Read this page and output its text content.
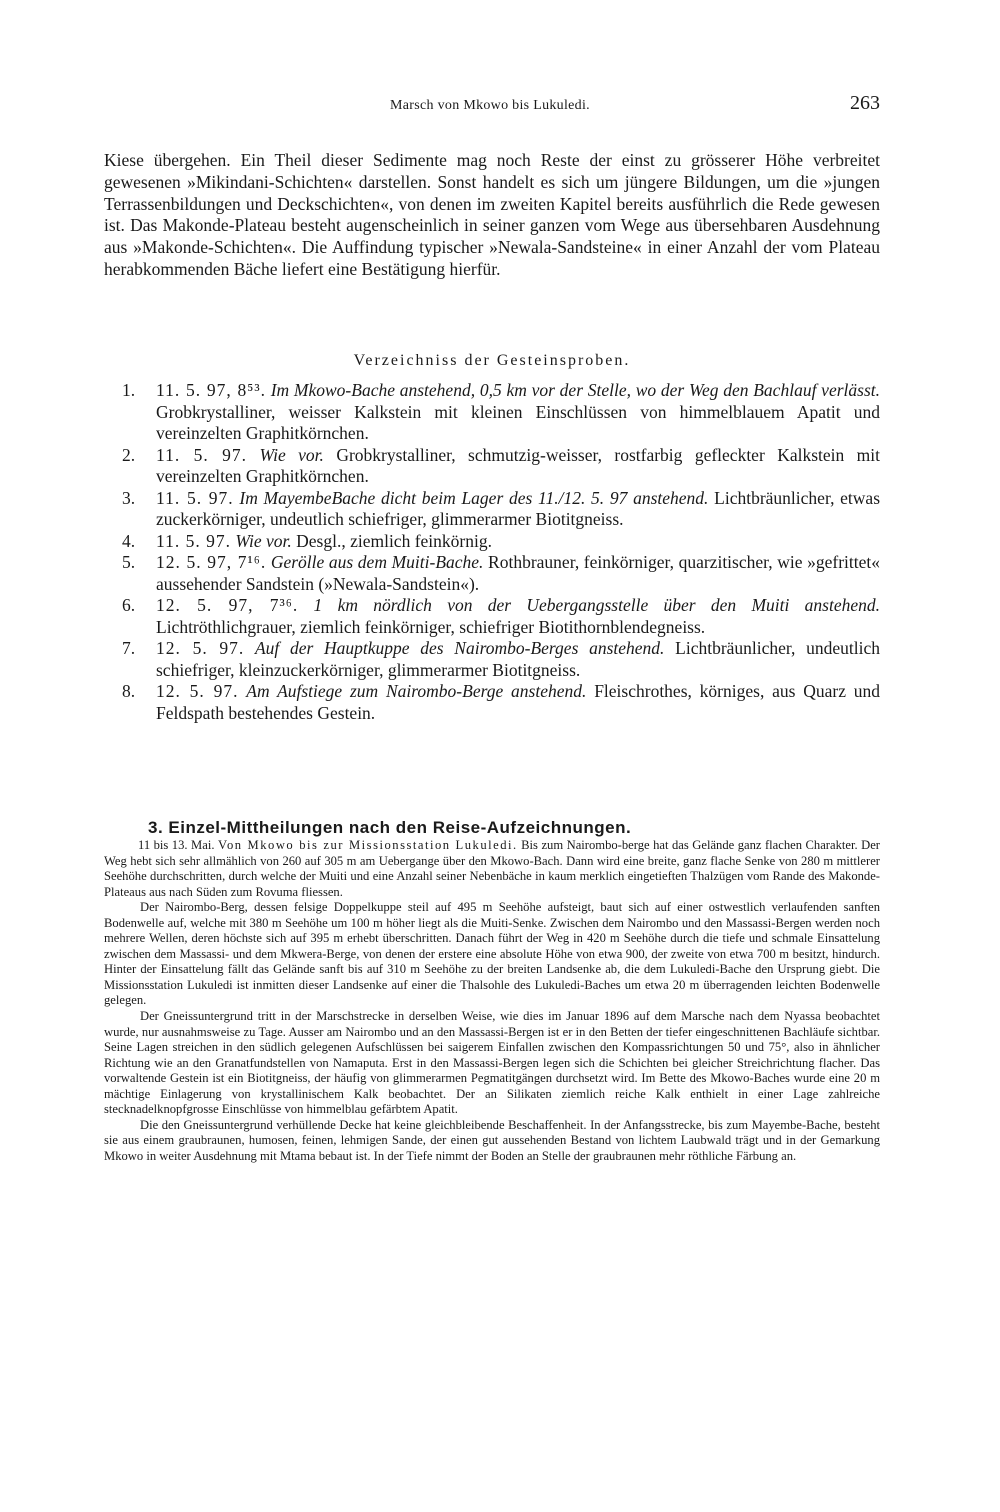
Marsch von Mkowo bis Lukuledi.	263

Kiese übergehen. Ein Theil dieser Sedimente mag noch Reste der einst zu grösserer Höhe verbreitet gewesenen »Mikindani-Schichten« darstellen. Sonst handelt es sich um jüngere Bildungen, um die »jungen Terrassenbildungen und Deckschichten«, von denen im zweiten Kapitel bereits ausführlich die Rede gewesen ist. Das Makonde-Plateau besteht augenscheinlich in seiner ganzen vom Wege aus übersehbaren Ausdehnung aus »Makonde-Schichten«. Die Auffindung typischer »Newala-Sandsteine« in einer Anzahl der vom Plateau herabkommenden Bäche liefert eine Bestätigung hierfür.

Verzeichniss der Gesteinsproben.
1. 11. 5. 97, 8⁵³. Im Mkowo-Bache anstehend, 0,5 km vor der Stelle, wo der Weg den Bachlauf verlässt. Grobkrystalliner, weisser Kalkstein mit kleinen Einschlüssen von himmelblauem Apatit und vereinzelten Graphitkörnchen.
2. 11. 5. 97. Wie vor. Grobkrystalliner, schmutzig-weisser, rostfarbig gefleckter Kalkstein mit vereinzelten Graphitkörnchen.
3. 11. 5. 97. Im MayembeBache dicht beim Lager des 11./12. 5. 97 anstehend. Lichtbräunlicher, etwas zuckerkörniger, undeutlich schiefriger, glimmerarmer Biotitgneiss.
4. 11. 5. 97. Wie vor. Desgl., ziemlich feinkörnig.
5. 12. 5. 97, 7¹⁶. Gerölle aus dem Muiti-Bache. Rothbrauner, feinkörniger, quarzitischer, wie »gefrittet« aussehender Sandstein (»Newala-Sandstein«).
6. 12. 5. 97, 7³⁶. 1 km nördlich von der Uebergangsstelle über den Muiti anstehend. Lichtröthlichgrauer, ziemlich feinkörniger, schiefriger Biotithornblendegneiss.
7. 12. 5. 97. Auf der Hauptkuppe des Nairombo-Berges anstehend. Lichtbräunlicher, undeutlich schiefriger, kleinzuckerkörniger, glimmerarmer Biotitgneiss.
8. 12. 5. 97. Am Aufstiege zum Nairombo-Berge anstehend. Fleischrothes, körniges, aus Quarz und Feldspath bestehendes Gestein.
3. Einzel-Mittheilungen nach den Reise-Aufzeichnungen.

11 bis 13. Mai. Von Mkowo bis zur Missionsstation Lukuledi. Bis zum Nairombo-berge hat das Gelände ganz flachen Charakter. Der Weg hebt sich sehr allmählich von 260 auf 305 m am Uebergange über den Mkowo-Bach. Dann wird eine breite, ganz flache Senke von 280 m mittlerer Seehöhe durchschritten, durch welche der Muiti und eine Anzahl seiner Nebenbäche in kaum merklich eingetieften Thalzügen vom Rande des Makonde-Plateaus aus nach Süden zum Rovuma fliessen.

Der Nairombo-Berg, dessen felsige Doppelkuppe steil auf 495 m Seehöhe aufsteigt, baut sich auf einer ostwestlich verlaufenden sanften Bodenwelle auf, welche mit 380 m Seehöhe um 100 m höher liegt als die Muiti-Senke. Zwischen dem Nairombo und den Massassi-Bergen werden noch mehrere Wellen, deren höchste sich auf 395 m erhebt überschritten. Danach führt der Weg in 420 m Seehöhe durch die tiefe und schmale Einsattelung zwischen dem Massassi- und dem Mkwera-Berge, von denen der erstere eine absolute Höhe von etwa 900, der zweite von etwa 700 m besitzt, hindurch. Hinter der Einsattelung fällt das Gelände sanft bis auf 310 m Seehöhe zu der breiten Landsenke ab, die dem Lukuledi-Bache den Ursprung giebt. Die Missionsstation Lukuledi ist inmitten dieser Landsenke auf einer die Thalsohle des Lukuledi-Baches um etwa 20 m überragenden leichten Bodenwelle gelegen.

Der Gneissuntergrund tritt in der Marschstrecke in derselben Weise, wie dies im Januar 1896 auf dem Marsche nach dem Nyassa beobachtet wurde, nur ausnahmsweise zu Tage. Ausser am Nairombo und an den Massassi-Bergen ist er in den Betten der tiefer eingeschnittenen Bachläufe sichtbar. Seine Lagen streichen in den südlich gelegenen Aufschlüssen bei saigerem Einfallen zwischen den Kompassrichtungen 50 und 75°, also in ähnlicher Richtung wie an den Granatfundstellen von Namaputa. Erst in den Massassi-Bergen legen sich die Schichten bei gleicher Streichrichtung flacher. Das vorwaltende Gestein ist ein Biotitgneiss, der häufig von glimmerarmen Pegmatitgängen durchsetzt wird. Im Bette des Mkowo-Baches wurde eine 20 m mächtige Einlagerung von krystallinischem Kalk beobachtet. Der an Silikaten ziemlich reiche Kalk enthielt in einer Lage zahlreiche stecknadelknopfgrosse Einschlüsse von himmelblau gefärbtem Apatit.

Die den Gneissuntergrund verhüllende Decke hat keine gleichbleibende Beschaffenheit. In der Anfangsstrecke, bis zum Mayembe-Bache, besteht sie aus einem graubraunen, humosen, feinen, lehmigen Sande, der einen gut aussehenden Bestand von lichtem Laubwald trägt und in der Gemarkung Mkowo in weiter Ausdehnung mit Mtama bebaut ist. In der Tiefe nimmt der Boden an Stelle der graubraunen mehr röthliche Färbung an.
